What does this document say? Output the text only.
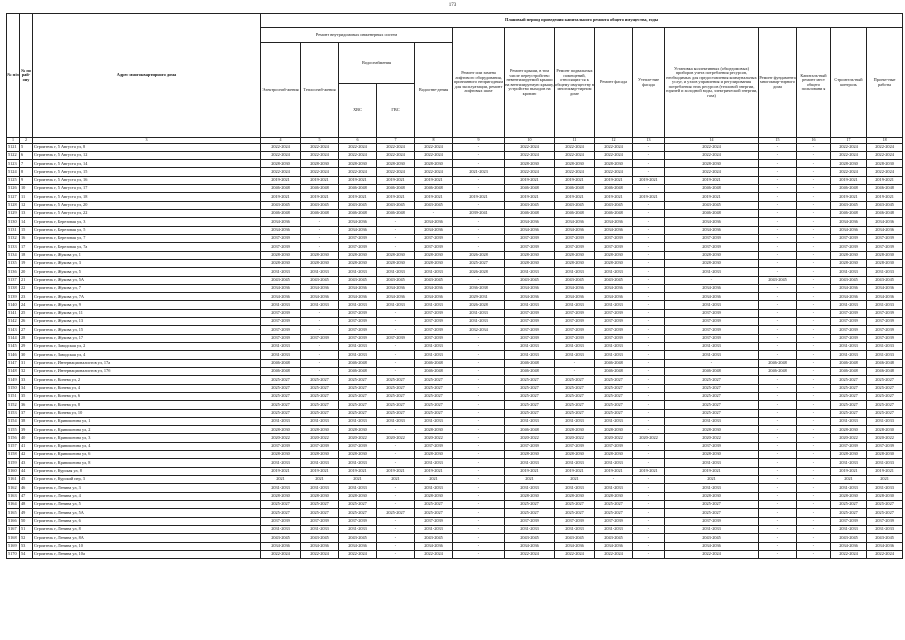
173
№ п/п	№ по рай-ону	Адрес многоквартирного дома	Плановый период проведения капитального ремонта общего имущества, годы														
			Ремонт внутридомовых инженерных систем					Ремонт или замена лифтового оборудования, признанного непригодным для эксплуатации, ремонт лифтовых шахт	Ремонт крыши, в том числе переустройство невентилируемой крыши на вентилируемую крышу, устройство выходов на кровлю	Ремонт подвальных помещений, относящих-ся к общему имуществу в многоквар-тирном доме	Ремонт фасада	Утепле-ние фасада	Установка коллективных (общедомовых) приборов учета потребления ресурсов, необходимых для предоставления коммунальных услуг, и узлов управления и регулирования потребления этих ресурсов (тепловой энергии, горячей и холодной воды, электрической энергии, газа)	Ремонт фундамента многоквар-тирного дома	Капиталь-ный ремонт мест общего пользовани я	Строитель-ный контроль	Проект-ные работы
			Электроснаб-жения	Теплоснаб-жения	Водоснабжения
ХВС ГВС		Водоотве-дения										
1	2	3	4	5	6	7	8	9	10	11	12	13	14	15	16	17	18
5121	5	Строитель г, 5 Августа ул, 8	2022-2024	2022-2024	2022-2024	2022-2024	2022-2024	-	2022-2024	2022-2024	2022-2024	-	2022-2024	-	-	2022-2024	2022-2024
5122	6	Строитель г, 5 Августа ул, 12	2022-2024	2022-2024	2022-2024	2022-2024	2022-2024	-	2022-2024	2022-2024	2022-2024	-	2022-2024	-	-	2022-2024	2022-2024
5123	7	Строитель г, 5 Августа ул, 14	2028-2030	2028-2030	2028-2030	2028-2030	2028-2030	-	2028-2030	2028-2030	2028-2030	-	2028-2030	-	-	2028-2030	2028-2030
5124	8	Строитель г, 5 Августа ул, 15	2022-2024	2022-2024	2022-2024	2022-2024	2022-2024	2021-2023	2022-2024	2022-2024	2022-2024	-	2022-2024	-	-	2022-2024	2022-2024
5125	9	Строитель г, 5 Августа ул, 16	2019-2021	2019-2021	2019-2021	2019-2021	2019-2021	-	2019-2021	2019-2021	2019-2021	2019-2021	2019-2021	-	-	2019-2021	2019-2021
5126	10	Строитель г, 5 Августа ул, 17	2046-2048	2046-2048	2046-2048	2046-2048	2046-2048	-	2046-2048	2046-2048	2046-2048	-	2046-2048	-	-	2046-2048	2046-2048
5127	11	Строитель г, 5 Августа ул, 18	2019-2021	2019-2021	2019-2021	2019-2021	2019-2021	2019-2021	2019-2021	2019-2021	2019-2021	2019-2021	2019-2021	-	-	2019-2021	2019-2021
5128	12	Строитель г, 5 Августа ул, 20	2043-2045	2043-2045	2043-2045	2043-2045	2043-2045	-	2043-2045	2043-2045	2043-2045	-	2043-2045	-	-	2043-2045	2043-2045
5129	13	Строитель г, 5 Августа ул, 22	2046-2048	2046-2048	2046-2048	2046-2048	-	2039-2041	2046-2048	2046-2048	2046-2048	-	2046-2048	-	-	2046-2048	2046-2048
5130	14	Строитель г, Березовая ул, 3	2034-2036	-	2034-2036	-	2034-2036	-	2034-2036	2034-2036	2034-2036	-	2034-2036	-	-	2034-2036	2034-2036
5131	15	Строитель г, Березовая ул, 5	2034-2036	-	2034-2036	-	2034-2036	-	2034-2036	2034-2036	2034-2036	-	2034-2036	-	-	2034-2036	2034-2036
5132	16	Строитель г, Березовая ул, 7	2037-2039	-	2037-2039	-	2037-2039	-	2037-2039	2037-2039	2037-2039	-	2037-2039	-	-	2037-2039	2037-2039
5133	17	Строитель г, Березовая ул, 7а	2037-2039	-	2037-2039	-	2037-2039	-	2037-2039	2037-2039	2037-2039	-	2037-2039	-	-	2037-2039	2037-2039
5134	18	Строитель г, Жукова ул, 1	2028-2030	2028-2030	2028-2030	2028-2030	2028-2030	2026-2028	2028-2030	2028-2030	2028-2030	-	2028-2030	-	-	2028-2030	2028-2030
5135	19	Строитель г, Жукова ул, 3	2028-2030	2028-2030	2028-2030	2028-2030	2028-2030	2025-2027	2028-2030	2028-2030	2028-2030	-	2028-2030	-	-	2028-2030	2028-2030
5136	20	Строитель г, Жукова ул, 5	2031-2033	2031-2033	2031-2033	2031-2033	2031-2033	2026-2028	2031-2033	2031-2033	2031-2033	-	2031-2033	-	-	2031-2033	2031-2033
5137	21	Строитель г, Жукова ул, 5А	2043-2045	2043-2045	2043-2045	2043-2045	2043-2045	-	2043-2045	2043-2045	2043-2045	-	-	2043-2045	-	2043-2045	2043-2045
5138	22	Строитель г, Жукова ул, 7	2034-2036	2034-2036	2034-2036	2034-2036	2034-2036	2036-2038	2034-2036	2034-2036	2034-2036	-	2034-2036	-	-	2034-2036	2034-2036
5139	23	Строитель г, Жукова ул, 7А	2034-2036	2034-2036	2034-2036	2034-2036	2034-2036	2029-2031	2034-2036	2034-2036	2034-2036	-	2034-2036	-	-	2034-2036	2034-2036
5140	24	Строитель г, Жукова ул, 9	2031-2033	2031-2033	2031-2033	2031-2033	2031-2033	2026-2028	2031-2033	2031-2033	2031-2033	-	2031-2033	-	-	2031-2033	2031-2033
5141	25	Строитель г, Жукова ул, 11	2037-2039	-	2037-2039	-	2037-2039	2031-2033	2037-2039	2037-2039	2037-2039	-	2037-2039	-	-	2037-2039	2037-2039
5142	26	Строитель г, Жукова ул, 13	2037-2039	-	2037-2039	-	2037-2039	2031-2033	2037-2039	2037-2039	2037-2039	-	2037-2039	-	-	2037-2039	2037-2039
5143	27	Строитель г, Жукова ул, 15	2037-2039	-	2037-2039	-	2037-2039	2032-2034	2037-2039	2037-2039	2037-2039	-	2037-2039	-	-	2037-2039	2037-2039
5144	28	Строитель г, Жукова ул, 17	2037-2039	2037-2039	2037-2039	2037-2039	2037-2039	-	2037-2039	2037-2039	2037-2039	-	2037-2039	-	-	2037-2039	2037-2039
5145	29	Строитель г, Заводская ул, 2	2031-2033	-	2031-2033	-	2031-2033	-	2031-2033	2031-2033	2031-2033	-	2031-2033	-	-	2031-2033	2031-2033
5146	30	Строитель г, Заводская ул, 4	2031-2033	-	2031-2033	-	2031-2033	-	2031-2033	2031-2033	2031-2033	-	2031-2033	-	-	2031-2033	2031-2033
5147	31	Строитель г, Интернационалистов ул, 17а	2046-2048	-	2046-2048	-	2046-2048	-	2046-2048	-	2046-2048	-	-	2046-2048	-	2046-2048	2046-2048
5148	32	Строитель г, Интернационалистов ул, 17б	2046-2048	-	2046-2048	-	2046-2048	-	2046-2048	-	2046-2048	-	2046-2048	2046-2048	-	2046-2048	2046-2048
5149	33	Строитель г, Конева ул, 2	2025-2027	2025-2027	2025-2027	2025-2027	2025-2027	-	2025-2027	2025-2027	2025-2027	-	2025-2027	-	-	2025-2027	2025-2027
5150	34	Строитель г, Конева ул, 4	2025-2027	2025-2027	2025-2027	2025-2027	2025-2027	-	2025-2027	2025-2027	2025-2027	-	2025-2027	-	-	2025-2027	2025-2027
5151	35	Строитель г, Конева ул, 6	2025-2027	2025-2027	2025-2027	2025-2027	2025-2027	-	2025-2027	2025-2027	2025-2027	-	2025-2027	-	-	2025-2027	2025-2027
5152	36	Строитель г, Конева ул, 8	2025-2027	2025-2027	2025-2027	2025-2027	2025-2027	-	2025-2027	2025-2027	2025-2027	-	2025-2027	-	-	2025-2027	2025-2027
5153	37	Строитель г, Конева ул, 10	2025-2027	2025-2027	2025-2027	2025-2027	2025-2027	-	2025-2027	2025-2027	2025-2027	-	2025-2027	-	-	2025-2027	2025-2027
5154	38	Строитель г, Кривошеина ул, 1	2031-2033	2031-2033	2031-2033	2031-2033	2031-2033	-	2031-2033	2031-2033	2031-2033	-	2031-2033	-	-	2031-2033	2031-2033
5155	39	Строитель г, Кривошеина ул, 2	2028-2030	2028-2030	2028-2030	-	2028-2030	-	2046-2048	2028-2030	2028-2030	-	2028-2030	-	-	2028-2030	2028-2030
5156	40	Строитель г, Кривошеина ул, 3	2020-2022	2020-2022	2020-2022	2020-2022	2020-2022	-	2020-2022	2020-2022	2020-2022	2020-2022	2020-2022	-	-	2020-2022	2020-2022
5157	41	Строитель г, Кривошеина ул, 4	2037-2039	2037-2039	2037-2039	-	2037-2039	-	2037-2039	2037-2039	2037-2039	-	2037-2039	-	-	2037-2039	2037-2039
5158	42	Строитель г, Кривошеина ул, 6	2028-2030	2028-2030	2028-2030	-	2028-2030	-	2028-2030	2028-2030	2028-2030	-	2028-2030	-	-	2028-2030	2028-2030
5159	43	Строитель г, Кривошеина ул, 8	2031-2033	2031-2033	2031-2033	-	2031-2033	-	2031-2033	2031-2033	2031-2033	-	2031-2033	-	-	2031-2033	2031-2033
5160	44	Строитель г, Курская ул, 8	2019-2021	2019-2021	2019-2021	2019-2021	2019-2021	-	2019-2021	2019-2021	2019-2021	2019-2021	2019-2021	-	-	2019-2021	2019-2021
5161	45	Строитель г, Курский пер, 3	2021	2021	2021	2021	2021	-	2021	2021	-	-	2021	-	-	2021	2021
5162	46	Строитель г, Ленина ул, 3	2031-2033	2031-2033	2031-2033	-	2031-2033	-	2031-2033	2031-2033	2031-2033	-	2031-2033	-	-	2031-2033	2031-2033
5163	47	Строитель г, Ленина ул, 4	2028-2030	2028-2030	2028-2030	-	2028-2030	-	2028-2030	2028-2030	2028-2030	-	2028-2030	-	-	2028-2030	2028-2030
5164	48	Строитель г, Ленина ул, 5	2025-2027	2025-2027	2025-2027	-	2025-2027	-	2025-2027	2025-2027	2025-2027	-	2025-2027	-	-	2025-2027	2025-2027
5165	49	Строитель г, Ленина ул, 5А	2025-2027	2025-2027	2025-2027	2025-2027	2025-2027	-	2025-2027	2025-2027	2025-2027	-	2025-2027	-	-	2025-2027	2025-2027
5166	50	Строитель г, Ленина ул, 6	2037-2039	2037-2039	2037-2039	-	2037-2039	-	2037-2039	2037-2039	2037-2039	-	2037-2039	-	-	2037-2039	2037-2039
5167	51	Строитель г, Ленина ул, 8	2031-2033	2031-2033	2031-2033	-	2031-2033	-	2031-2033	2031-2033	2031-2033	-	2031-2033	-	-	2031-2033	2031-2033
5168	52	Строитель г, Ленина ул, 8А	2043-2045	2043-2045	2043-2045	-	2043-2045	-	2043-2045	2043-2045	2043-2045	-	2043-2045	-	-	2043-2045	2043-2045
5169	53	Строитель г, Ленина ул, 10	2034-2036	2034-2036	2034-2036	-	2034-2036	-	2034-2036	2034-2036	2034-2036	-	2034-2036	-	-	2034-2036	2034-2036
5170	54	Строитель г, Ленина ул, 10а	2022-2024	2022-2024	2022-2024	-	2022-2024	-	2022-2024	2022-2024	2022-2024	-	2022-2024	-	-	2022-2024	2022-2024
